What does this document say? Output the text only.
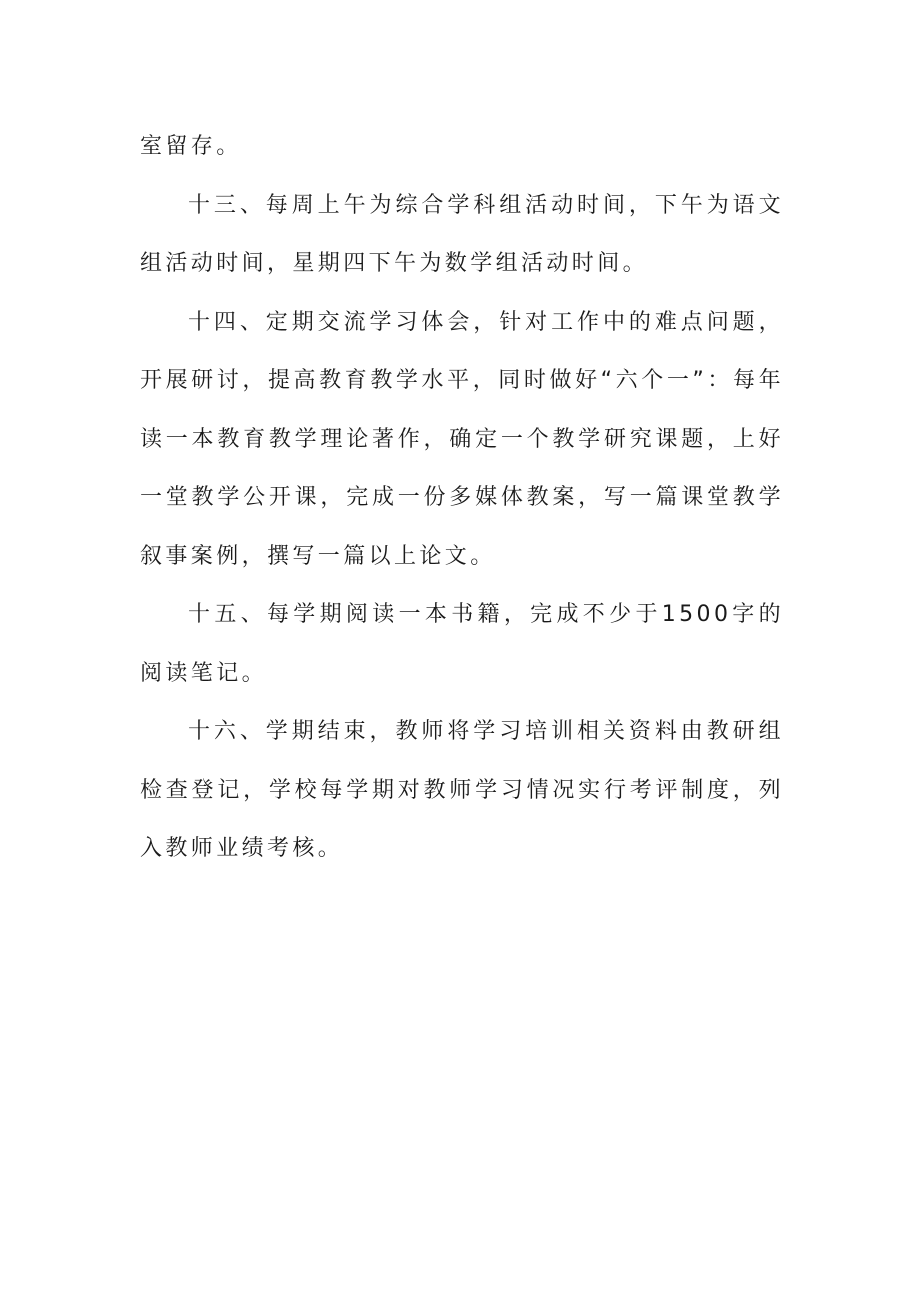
室留存。

十三、每周上午为综合学科组活动时间，下午为语文组活动时间，星期四下午为数学组活动时间。

十四、定期交流学习体会，针对工作中的难点问题，开展研讨，提高教育教学水平，同时做好“六个一”：每年读一本教育教学理论著作，确定一个教学研究课题，上好一堂教学公开课，完成一份多媒体教案，写一篇课堂教学叙事案例，撰写一篇以上论文。

十五、每学期阅读一本书籍，完成不少于1500字的阅读笔记。

十六、学期结束，教师将学习培训相关资料由教研组检查登记，学校每学期对教师学习情况实行考评制度，列入教师业绩考核。
